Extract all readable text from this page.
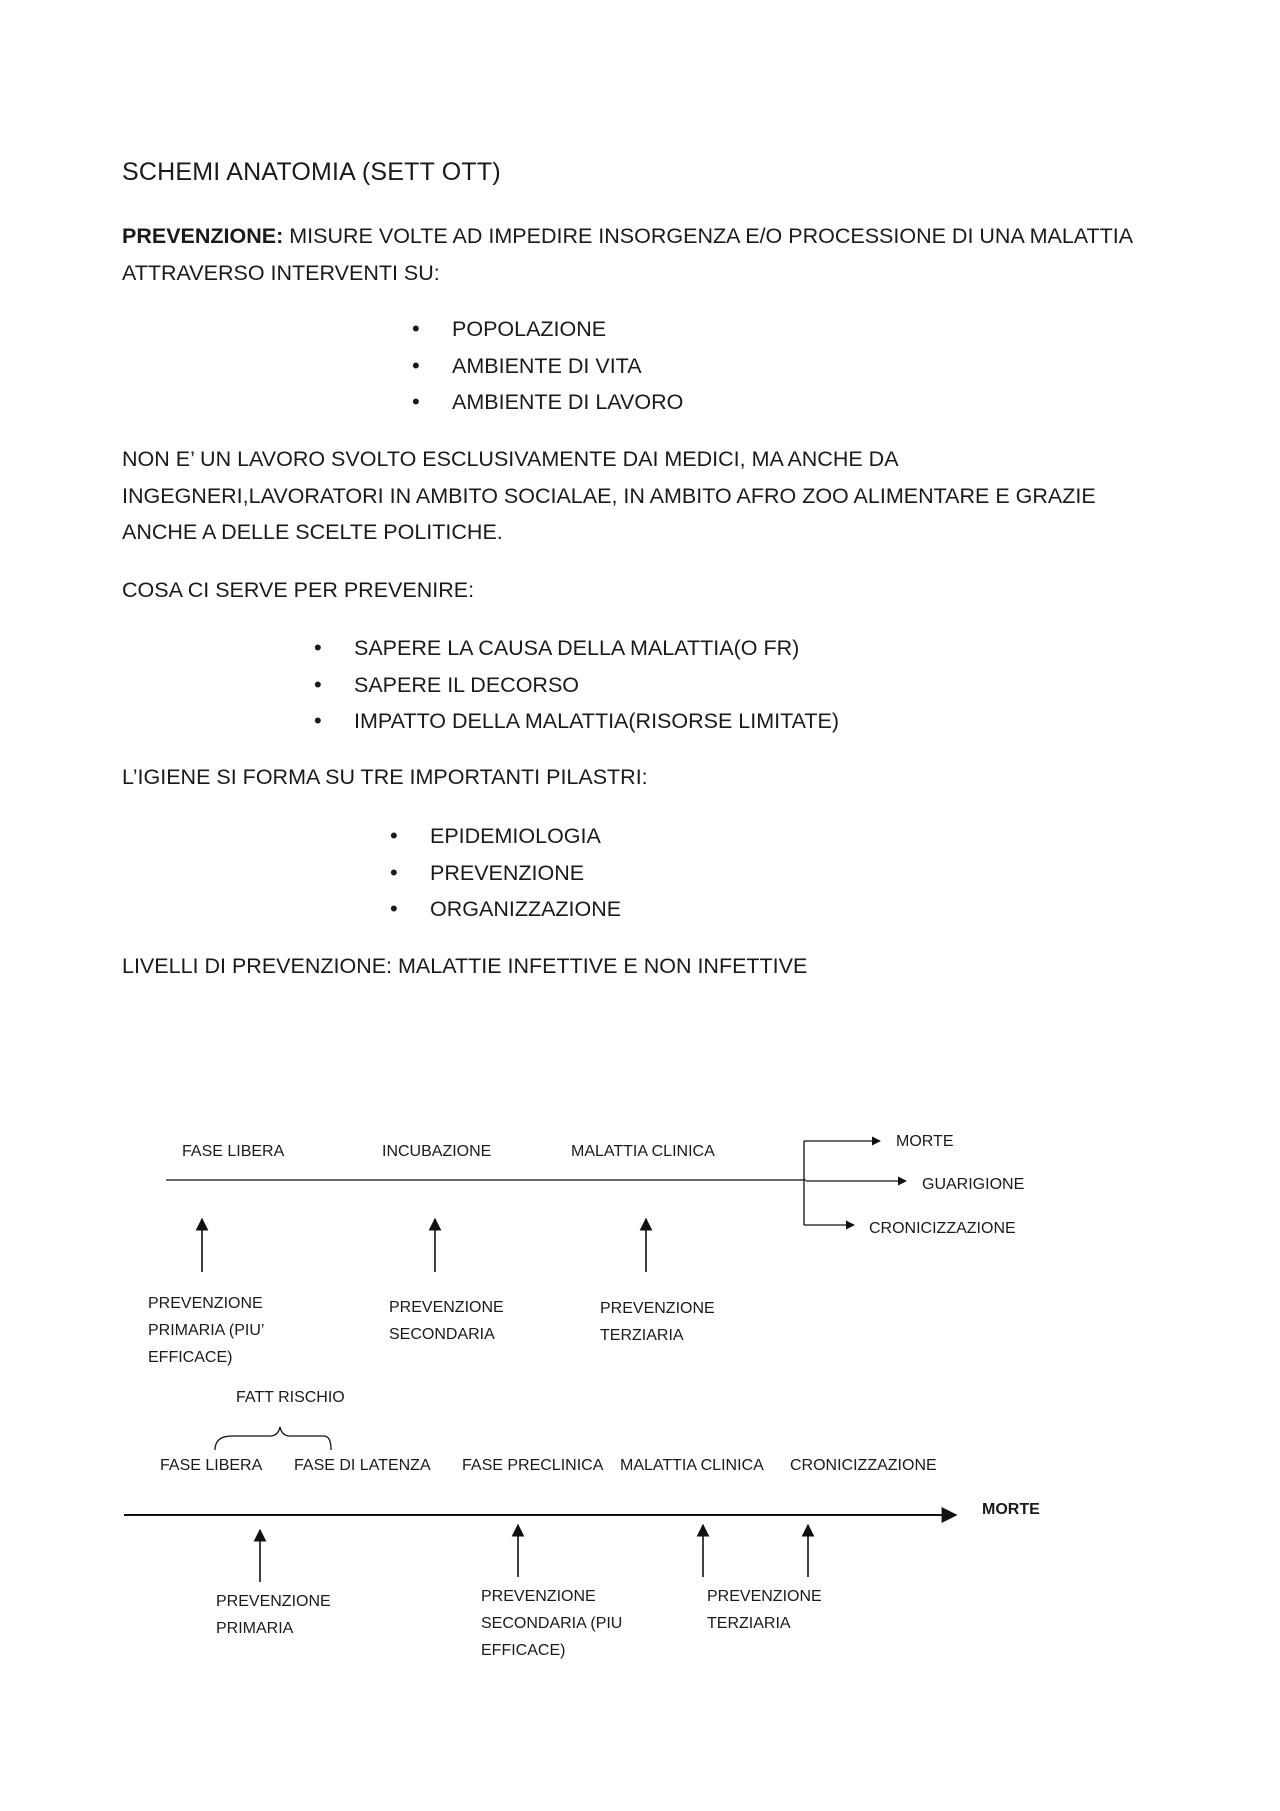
SCHEMI ANATOMIA (SETT OTT)

PREVENZIONE: MISURE VOLTE AD IMPEDIRE INSORGENZA E/O PROCESSIONE DI UNA MALATTIA ATTRAVERSO INTERVENTI SU:

• POPOLAZIONE
• AMBIENTE DI VITA
• AMBIENTE DI LAVORO

NON E’ UN LAVORO SVOLTO ESCLUSIVAMENTE DAI MEDICI, MA ANCHE DA INGEGNERI,LAVORATORI IN AMBITO SOCIALAE, IN AMBITO AFRO ZOO ALIMENTARE E GRAZIE ANCHE A DELLE SCELTE POLITICHE.

COSA CI SERVE PER PREVENIRE:

• SAPERE LA CAUSA DELLA MALATTIA(O FR)
• SAPERE IL DECORSO
• IMPATTO DELLA MALATTIA(RISORSE LIMITATE)

L’IGIENE SI FORMA SU TRE IMPORTANTI PILASTRI:

• EPIDEMIOLOGIA
• PREVENZIONE
• ORGANIZZAZIONE

LIVELLI DI PREVENZIONE: MALATTIE INFETTIVE E NON INFETTIVE

FASE LIBERA	INCUBAZIONE	MALATTIA CLINICA
MORTE
GUARIGIONE
CRONICIZZAZIONE
PREVENZIONE PRIMARIA (PIU’ EFFICACE)
PREVENZIONE SECONDARIA
PREVENZIONE TERZIARIA
FATT RISCHIO
FASE LIBERA FASE DI LATENZA FASE PRECLINICA MALATTIA CLINICA CRONICIZZAZIONE
MORTE
PREVENZIONE PRIMARIA
PREVENZIONE SECONDARIA (PIU EFFICACE)
PREVENZIONE TERZIARIA
